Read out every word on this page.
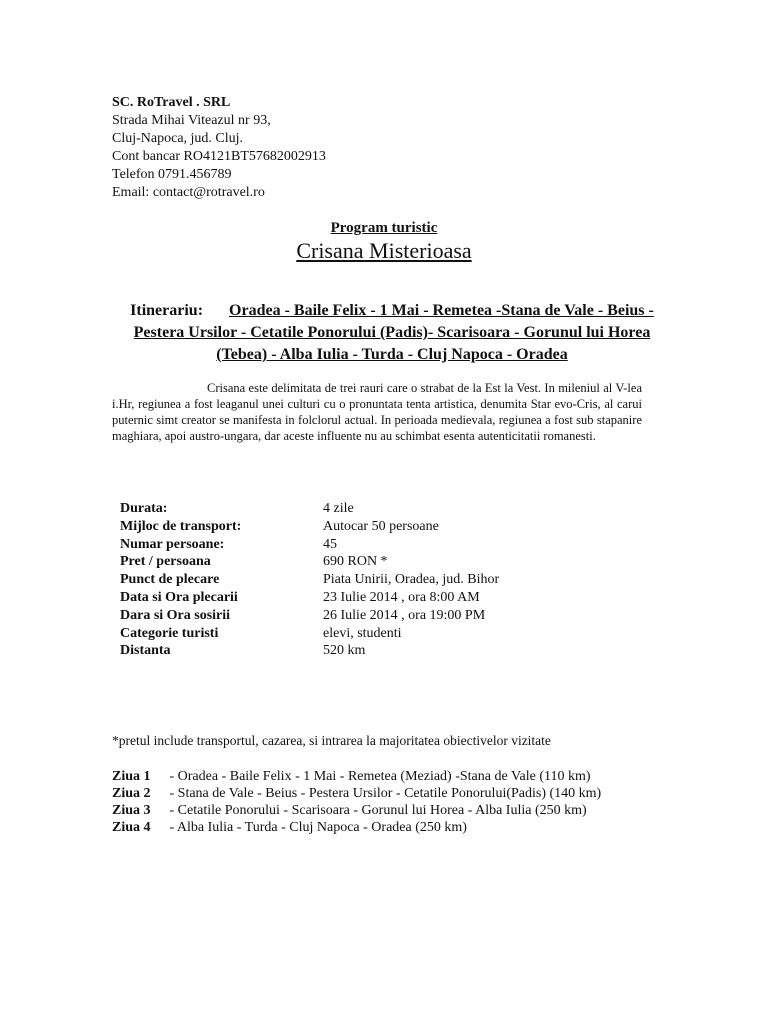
SC. RoTravel . SRL
Strada Mihai Viteazul nr 93,
Cluj-Napoca, jud. Cluj.
Cont bancar RO4121BT57682002913
Telefon 0791.456789
Email: contact@rotravel.ro
Program turistic
Crisana Misterioasa
Itinerariu: Oradea - Baile Felix - 1 Mai - Remetea -Stana de Vale - Beius - Pestera Ursilor - Cetatile Ponorului (Padis)- Scarisoara - Gorunul lui Horea (Tebea) - Alba Iulia - Turda - Cluj Napoca - Oradea
Crisana este delimitata de trei rauri care o strabat de la Est la Vest. In mileniul al V-lea i.Hr, regiunea a fost leaganul unei culturi cu o pronuntata tenta artistica, denumita Star evo-Cris, al carui puternic simt creator se manifesta in folclorul actual. In perioada medievala, regiunea a fost sub stapanire maghiara, apoi austro-ungara, dar aceste influente nu au schimbat esenta autenticitatii romanesti.
Durata:	4 zile
Mijloc de transport:	Autocar 50 persoane
Numar persoane:	45
Pret / persoana	690 RON *
Punct de plecare	Piata Unirii, Oradea, jud. Bihor
Data si Ora plecarii	23 Iulie 2014 , ora 8:00 AM
Dara si Ora sosirii	26 Iulie 2014 , ora 19:00 PM
Categorie turisti	elevi, studenti
Distanta	520 km
*pretul include transportul, cazarea, si intrarea la majoritatea obiectivelor vizitate
Ziua 1 - Oradea - Baile Felix - 1 Mai - Remetea (Meziad) -Stana de Vale (110 km)
Ziua 2 - Stana de Vale - Beius - Pestera Ursilor - Cetatile Ponorului(Padis) (140 km)
Ziua 3 - Cetatile Ponorului - Scarisoara - Gorunul lui Horea - Alba Iulia (250 km)
Ziua 4 - Alba Iulia - Turda - Cluj Napoca - Oradea (250 km)
